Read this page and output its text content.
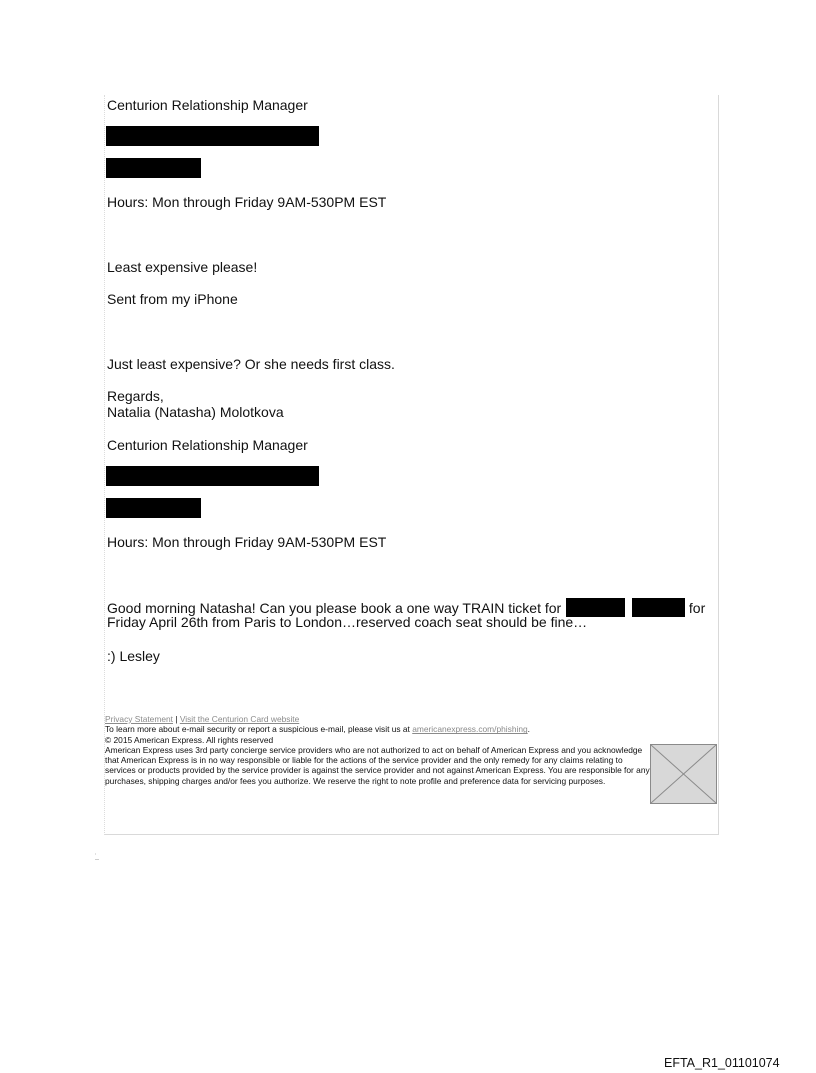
Centurion Relationship Manager
Hours: Mon through Friday 9AM-530PM EST
Least expensive please!
Sent from my iPhone
Just least expensive? Or she needs first class.
Regards,
Natalia (Natasha) Molotkova
Centurion Relationship Manager
Hours: Mon through Friday 9AM-530PM EST
Good morning Natasha! Can you please book a one way TRAIN ticket for	for
Friday April 26th from Paris to London…reserved coach seat should be fine…
:) Lesley
Privacy Statement | Visit the Centurion Card website
To learn more about e-mail security or report a suspicious e-mail, please visit us at americanexpress.com/phishing.
© 2015 American Express. All rights reserved
American Express uses 3rd party concierge service providers who are not authorized to act on behalf of American Express and you acknowledge that American Express is in no way responsible or liable for the actions of the service provider and the only remedy for any claims relating to services or products provided by the service provider is against the service provider and not against American Express. You are responsible for any purchases, shipping charges and/or fees you authorize. We reserve the right to note profile and preference data for servicing purposes.
:
—
EFTA_R1_01101074
